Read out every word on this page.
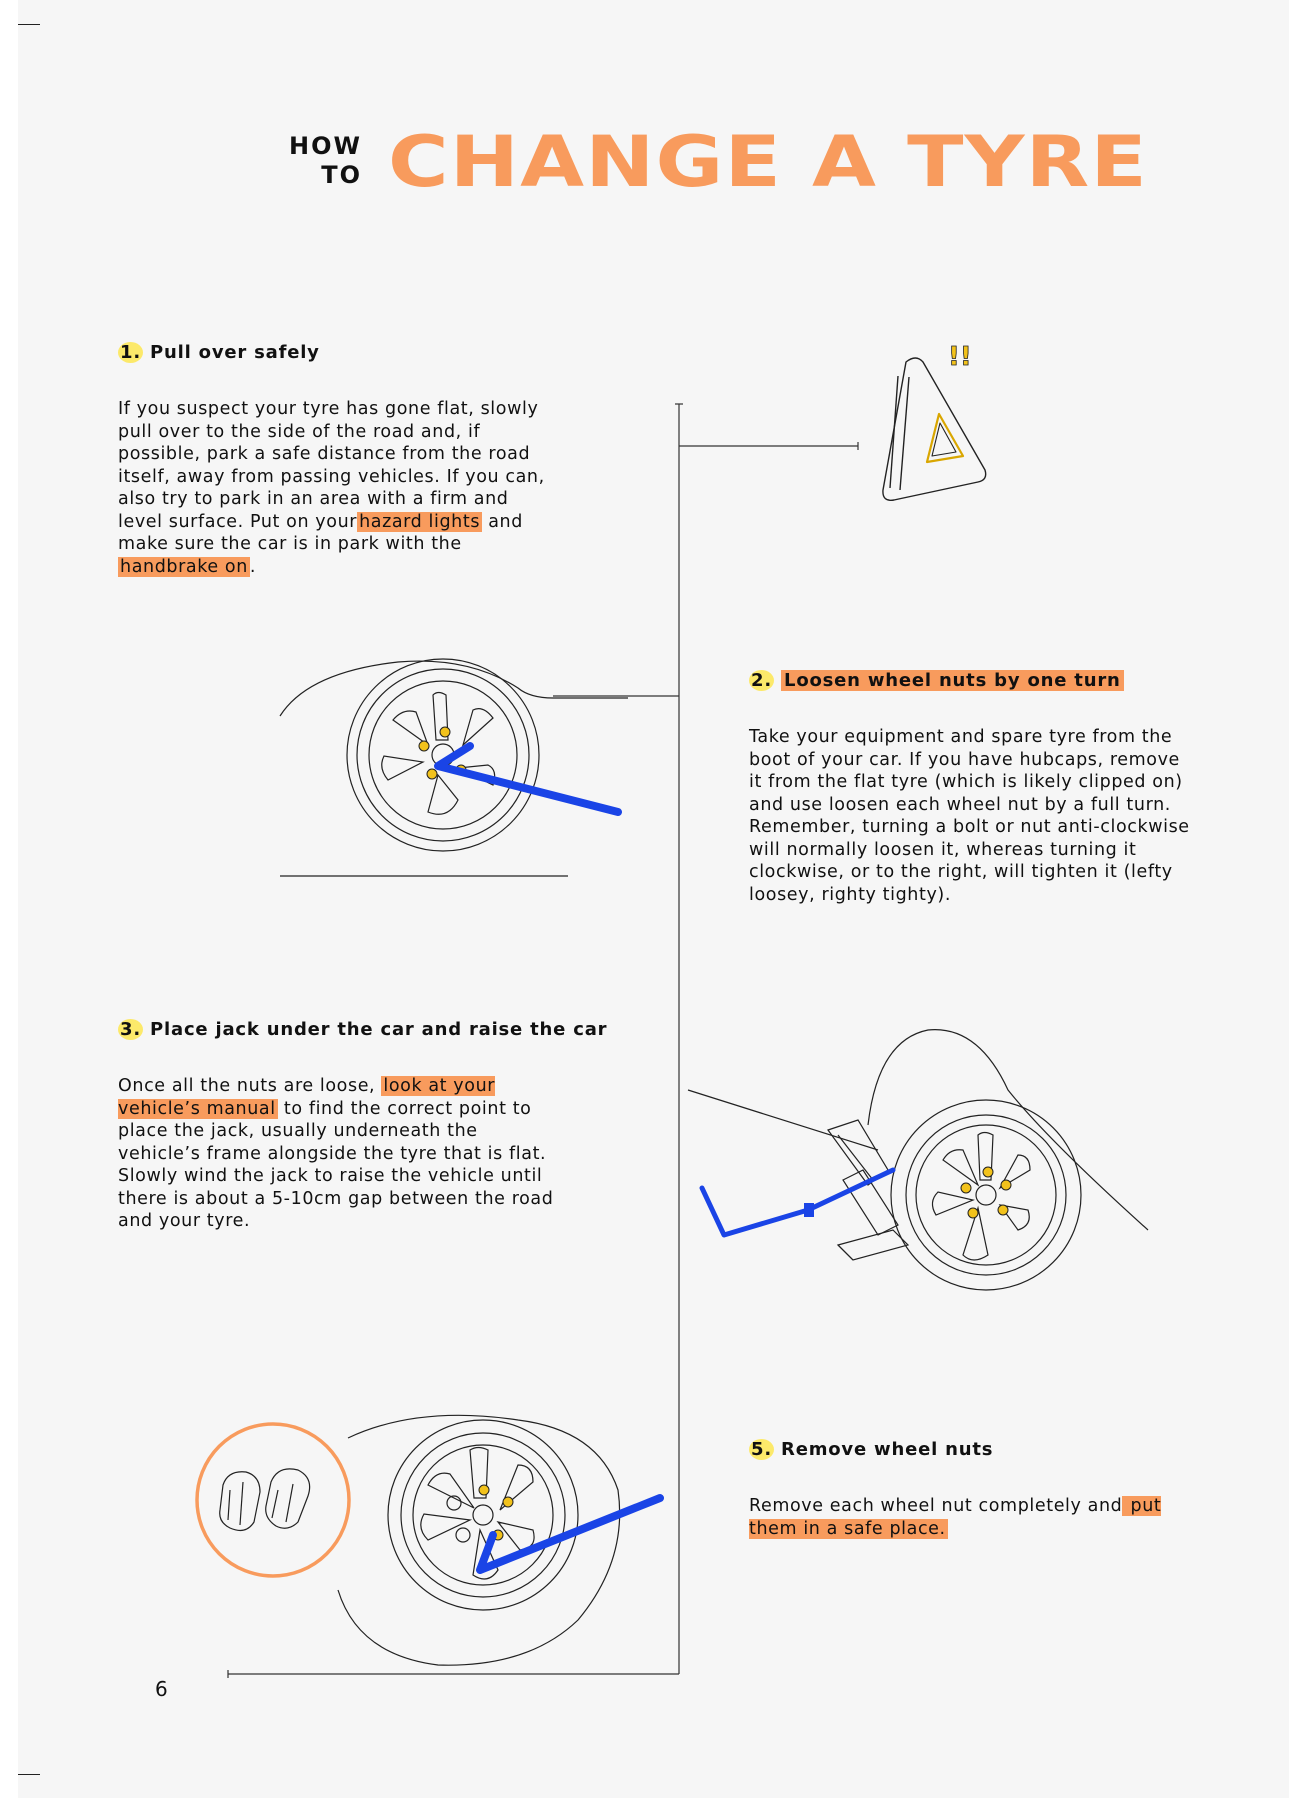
HOW
TO CHANGE A TYRE

1. Pull over safely

If you suspect your tyre has gone flat, slowly
pull over to the side of the road and, if
possible, park a safe distance from the road
itself, away from passing vehicles. If you can,
also try to park in an area with a firm and
level surface. Put on your hazard lights and
make sure the car is in park with the
handbrake on .

2. Loosen wheel nuts by one turn

Take your equipment and spare tyre from the
boot of your car. If you have hubcaps, remove
it from the flat tyre (which is likely clipped on)
and use loosen each wheel nut by a full turn.
Remember, turning a bolt or nut anti-clockwise
will normally loosen it, whereas turning it
clockwise, or to the right, will tighten it (lefty
loosey, righty tighty).

3. Place jack under the car and raise the car

Once all the nuts are loose, look at your
vehicle’s manual to find the correct point to
place the jack, usually underneath the
vehicle’s frame alongside the tyre that is flat.
Slowly wind the jack to raise the vehicle until
there is about a 5-10cm gap between the road
and your tyre.

5. Remove wheel nuts

Remove each wheel nut completely and put
them in a safe place.
6
!!
